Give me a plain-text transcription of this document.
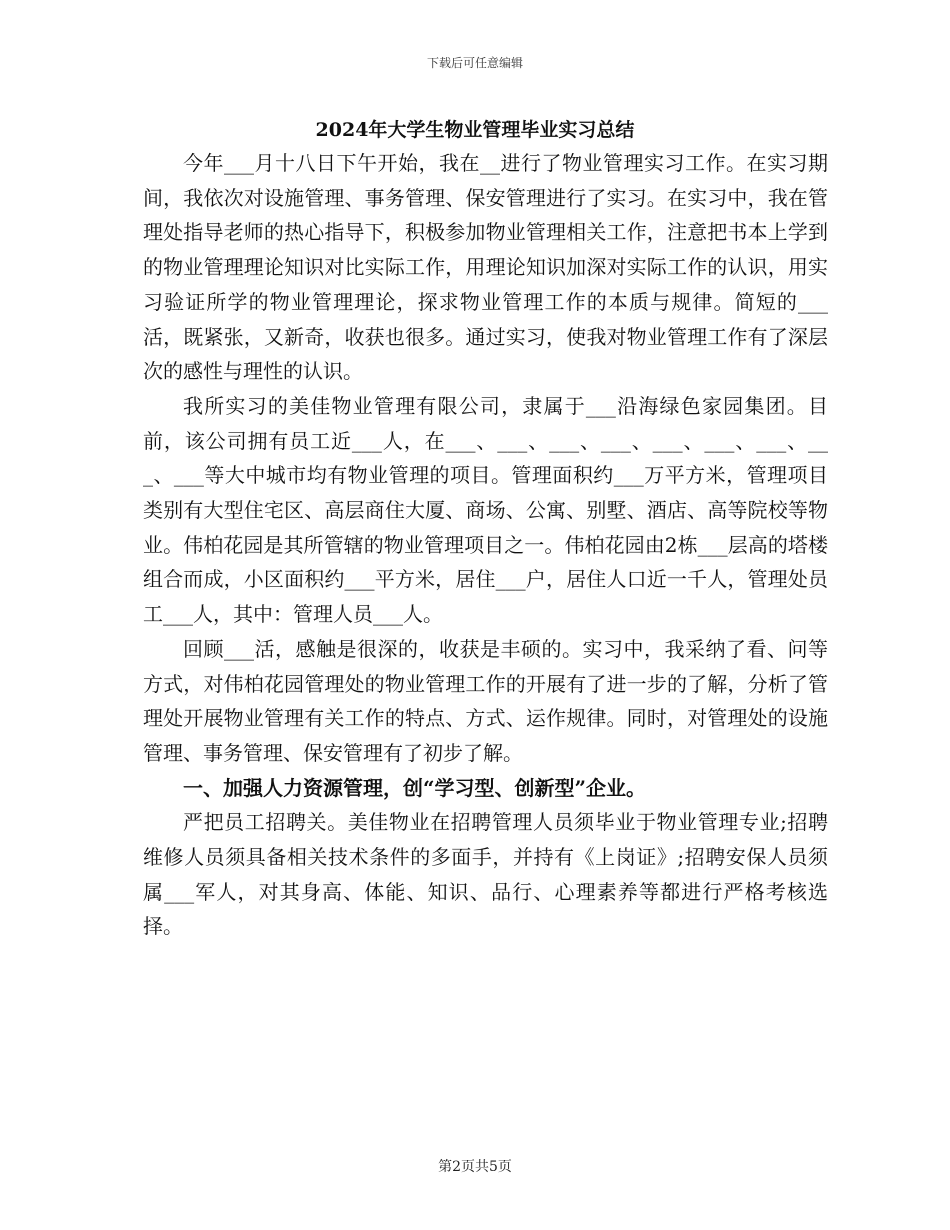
下载后可任意编辑
2024年大学生物业管理毕业实习总结

今年___月十八日下午开始，我在__进行了物业管理实习工作。在实习期间，我依次对设施管理、事务管理、保安管理进行了实习。在实习中，我在管理处指导老师的热心指导下，积极参加物业管理相关工作，注意把书本上学到的物业管理理论知识对比实际工作，用理论知识加深对实际工作的认识，用实习验证所学的物业管理理论，探求物业管理工作的本质与规律。简短的___活，既紧张，又新奇，收获也很多。通过实习，使我对物业管理工作有了深层次的感性与理性的认识。

我所实习的美佳物业管理有限公司，隶属于___沿海绿色家园集团。目前，该公司拥有员工近___人，在___、___、___、___、___、___、___、___、___等大中城市均有物业管理的项目。管理面积约___万平方米，管理项目类别有大型住宅区、高层商住大厦、商场、公寓、别墅、酒店、高等院校等物业。伟柏花园是其所管辖的物业管理项目之一。伟柏花园由2栋___层高的塔楼组合而成，小区面积约___平方米，居住___户，居住人口近一千人，管理处员工___人，其中：管理人员___人。

回顾___活，感触是很深的，收获是丰硕的。实习中，我采纳了看、问等方式，对伟柏花园管理处的物业管理工作的开展有了进一步的了解，分析了管理处开展物业管理有关工作的特点、方式、运作规律。同时，对管理处的设施管理、事务管理、保安管理有了初步了解。

一、加强人力资源管理，创“学习型、创新型”企业。

严把员工招聘关。美佳物业在招聘管理人员须毕业于物业管理专业;招聘维修人员须具备相关技术条件的多面手，并持有《上岗证》;招聘安保人员须属___军人，对其身高、体能、知识、品行、心理素养等都进行严格考核选择。

第2页共5页
